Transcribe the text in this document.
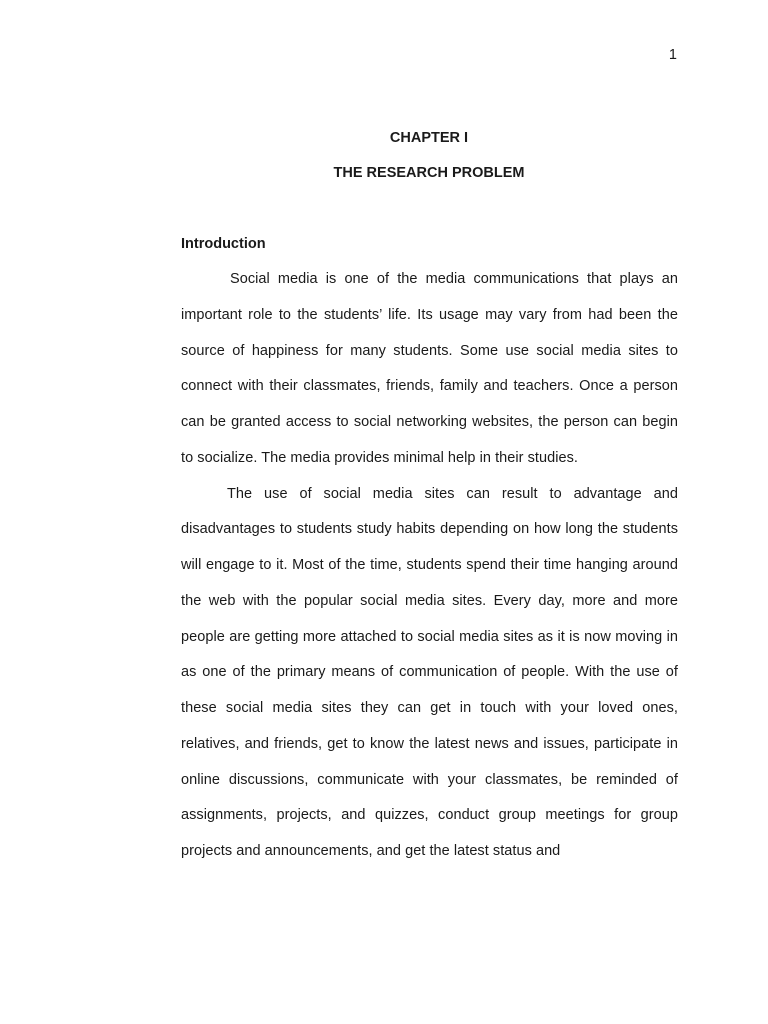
1
CHAPTER I
THE RESEARCH PROBLEM
Introduction

Social media is one of the media communications that plays an important role to the students’ life. Its usage may vary from had been the source of happiness for many students. Some use social media sites to connect with their classmates, friends, family and teachers. Once a person can be granted access to social networking websites, the person can begin to socialize. The media provides minimal help in their studies.

The use of social media sites can result to advantage and disadvantages to students study habits depending on how long the students will engage to it. Most of the time, students spend their time hanging around the web with the popular social media sites. Every day, more and more people are getting more attached to social media sites as it is now moving in as one of the primary means of communication of people. With the use of these social media sites they can get in touch with your loved ones, relatives, and friends, get to know the latest news and issues, participate in online discussions, communicate with your classmates, be reminded of assignments, projects, and quizzes, conduct group meetings for group projects and announcements, and get the latest status and
